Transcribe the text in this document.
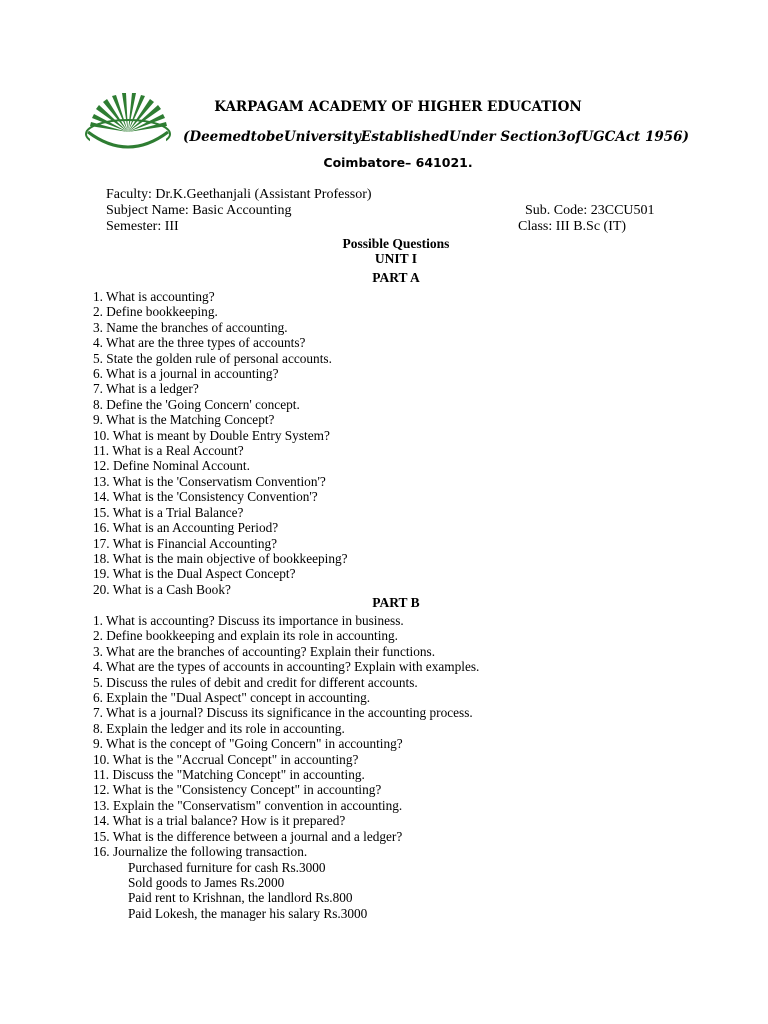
KARPAGAM ACADEMY OF HIGHER EDUCATION
(DeemedtobeUniversityEstablishedUnder Section3ofUGCAct 1956)
Coimbatore– 641021.
Faculty: Dr.K.Geethanjali (Assistant Professor)
Subject Name: Basic Accounting
Semester: III
Sub. Code: 23CCU501
Class: III B.Sc (IT)
Possible Questions
UNIT I
PART A
1. What is accounting?
2. Define bookkeeping.
3. Name the branches of accounting.
4. What are the three types of accounts?
5. State the golden rule of personal accounts.
6. What is a journal in accounting?
7. What is a ledger?
8. Define the 'Going Concern' concept.
9. What is the Matching Concept?
10. What is meant by Double Entry System?
11. What is a Real Account?
12. Define Nominal Account.
13. What is the 'Conservatism Convention'?
14. What is the 'Consistency Convention'?
15. What is a Trial Balance?
16. What is an Accounting Period?
17. What is Financial Accounting?
18. What is the main objective of bookkeeping?
19. What is the Dual Aspect Concept?
20. What is a Cash Book?
PART B
1. What is accounting? Discuss its importance in business.
2. Define bookkeeping and explain its role in accounting.
3. What are the branches of accounting? Explain their functions.
4. What are the types of accounts in accounting? Explain with examples.
5. Discuss the rules of debit and credit for different accounts.
6. Explain the "Dual Aspect" concept in accounting.
7. What is a journal? Discuss its significance in the accounting process.
8. Explain the ledger and its role in accounting.
9. What is the concept of "Going Concern" in accounting?
10. What is the "Accrual Concept" in accounting?
11. Discuss the "Matching Concept" in accounting.
12. What is the "Consistency Concept" in accounting?
13. Explain the "Conservatism" convention in accounting.
14. What is a trial balance? How is it prepared?
15. What is the difference between a journal and a ledger?
16. Journalize the following transaction.
Purchased furniture for cash Rs.3000
Sold goods to James Rs.2000
Paid rent to Krishnan, the landlord Rs.800
Paid Lokesh, the manager his salary Rs.3000
